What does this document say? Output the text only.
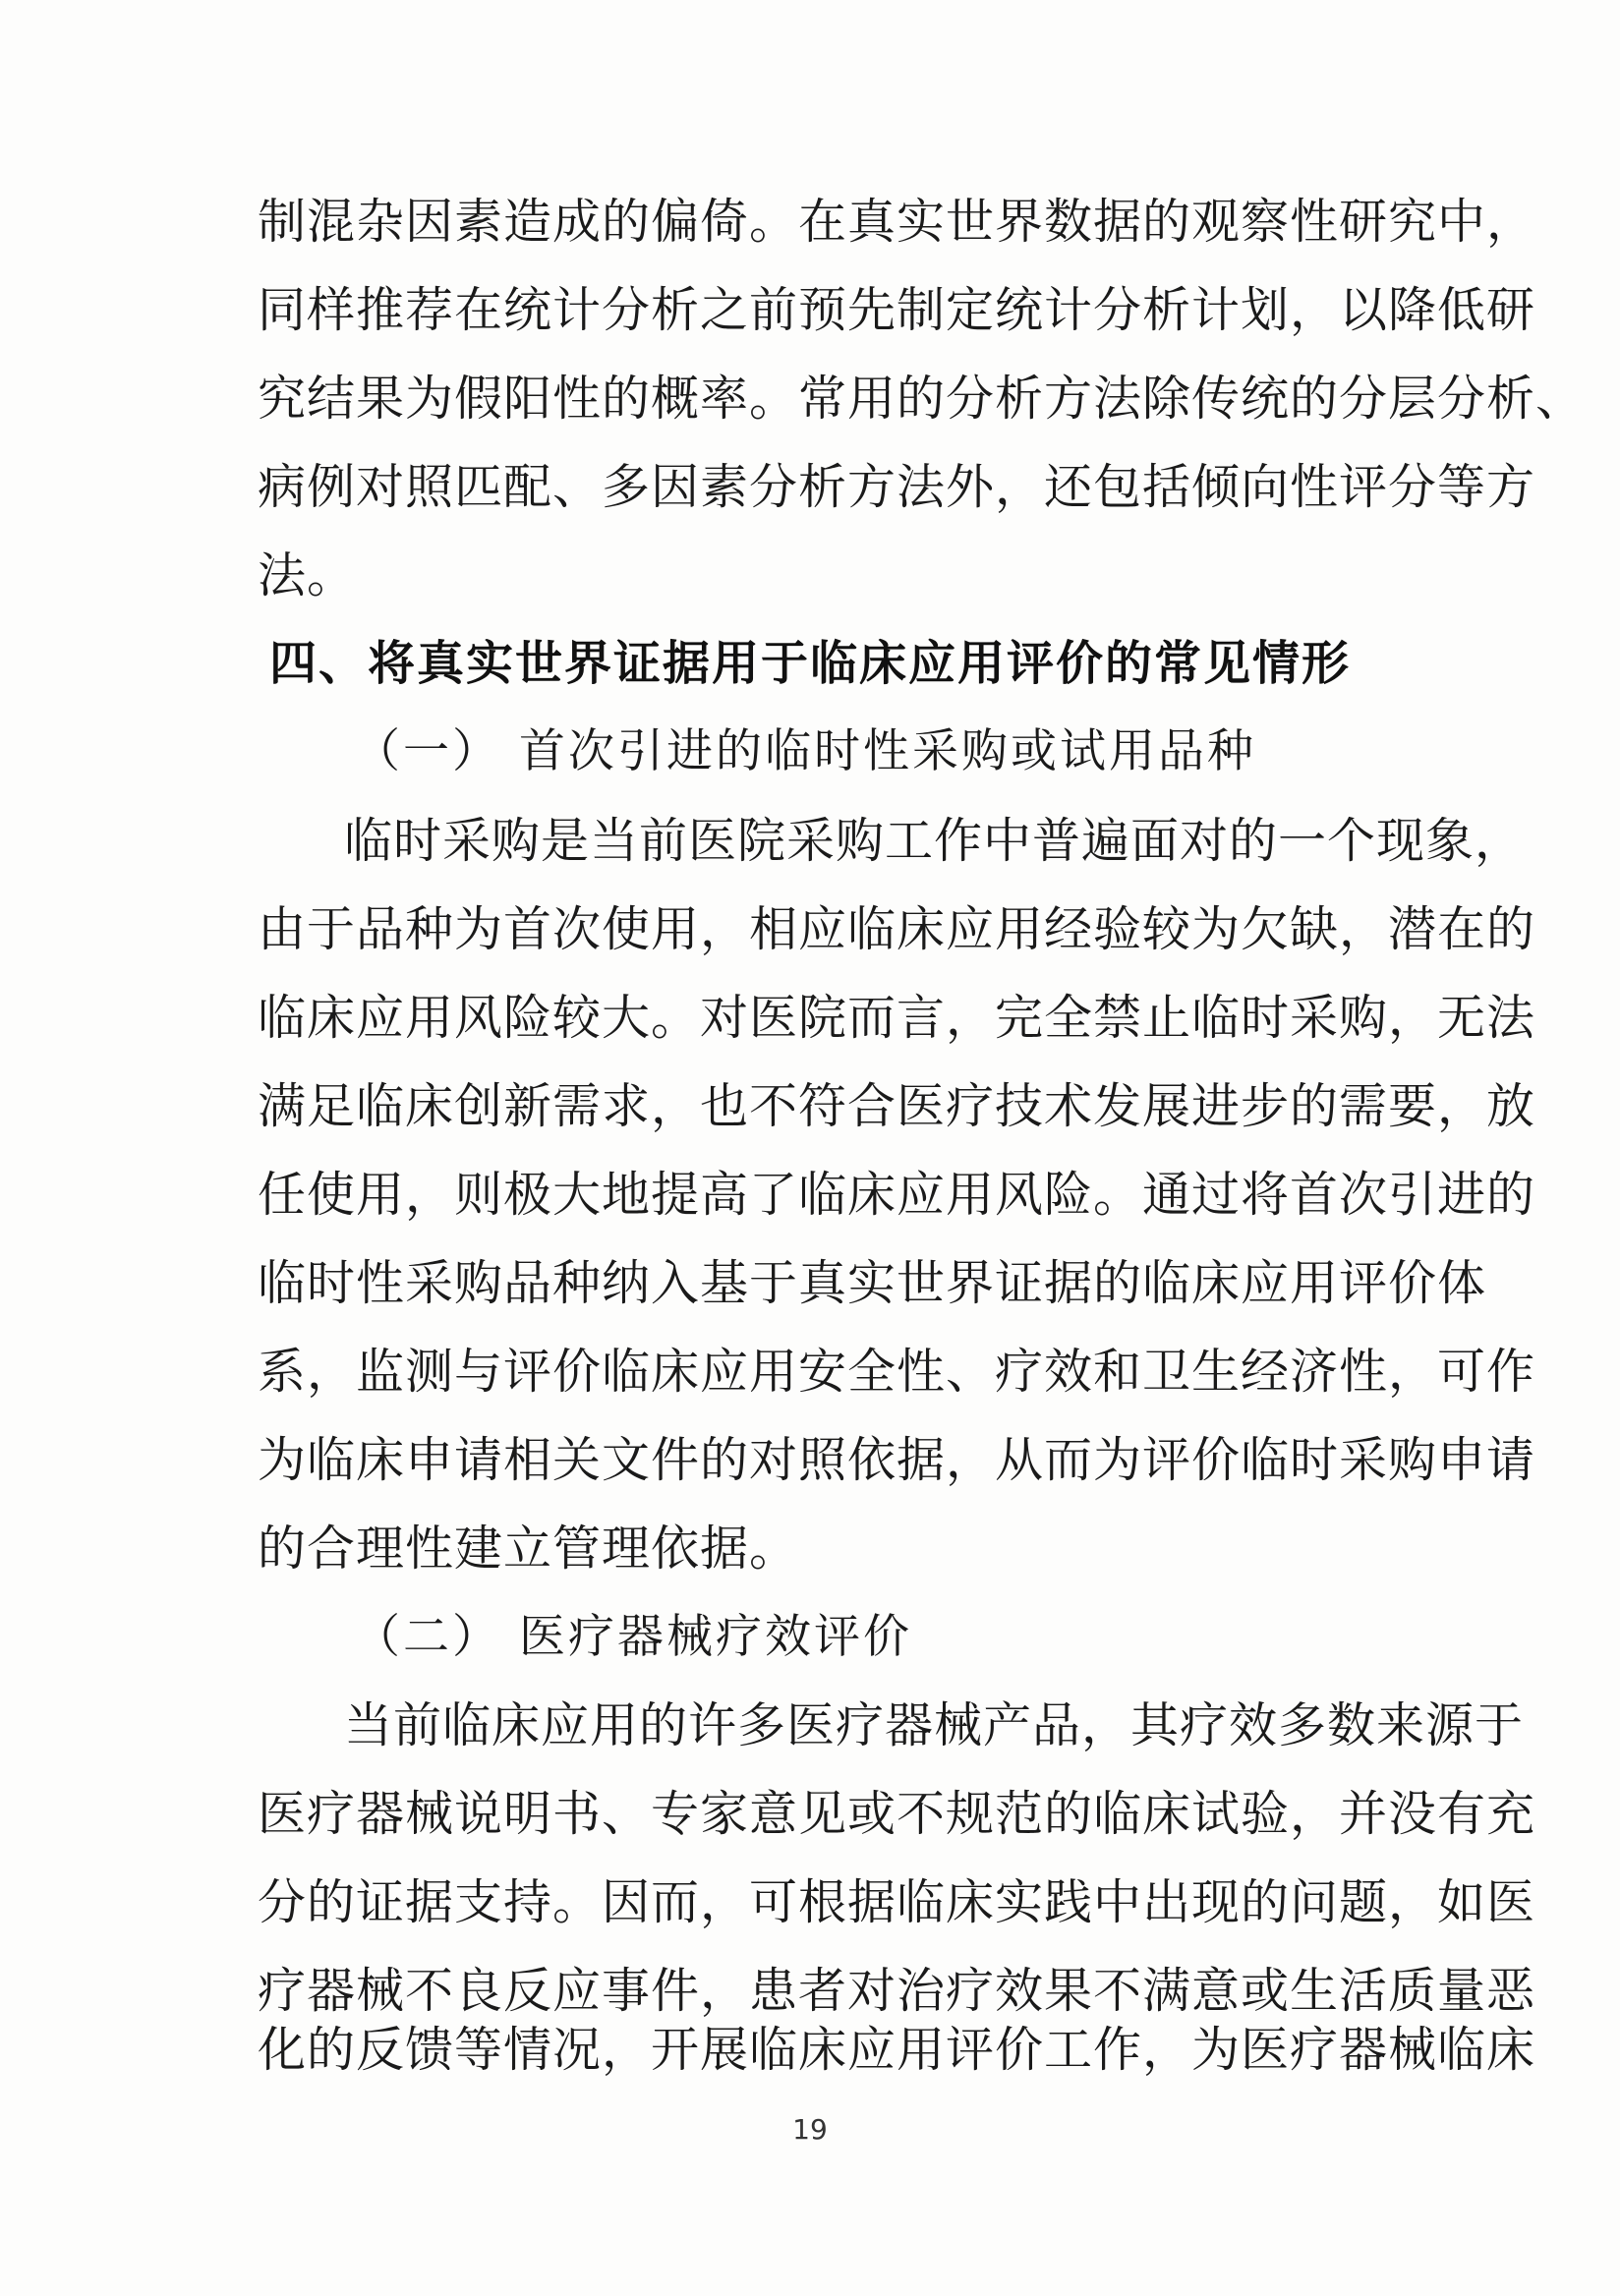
制混杂因素造成的偏倚。在真实世界数据的观察性研究中，
同样推荐在统计分析之前预先制定统计分析计划，以降低研
究结果为假阳性的概率。常用的分析方法除传统的分层分析、
病例对照匹配、多因素分析方法外，还包括倾向性评分等方
法。
四、将真实世界证据用于临床应用评价的常见情形
（一） 首次引进的临时性采购或试用品种
临时采购是当前医院采购工作中普遍面对的一个现象，
由于品种为首次使用，相应临床应用经验较为欠缺，潜在的
临床应用风险较大。对医院而言，完全禁止临时采购，无法
满足临床创新需求，也不符合医疗技术发展进步的需要，放
任使用，则极大地提高了临床应用风险。通过将首次引进的
临时性采购品种纳入基于真实世界证据的临床应用评价体
系，监测与评价临床应用安全性、疗效和卫生经济性，可作
为临床申请相关文件的对照依据，从而为评价临时采购申请
的合理性建立管理依据。
（二） 医疗器械疗效评价
当前临床应用的许多医疗器械产品，其疗效多数来源于
医疗器械说明书、专家意见或不规范的临床试验，并没有充
分的证据支持。因而，可根据临床实践中出现的问题，如医
疗器械不良反应事件，患者对治疗效果不满意或生活质量恶
化的反馈等情况，开展临床应用评价工作，为医疗器械临床
19
